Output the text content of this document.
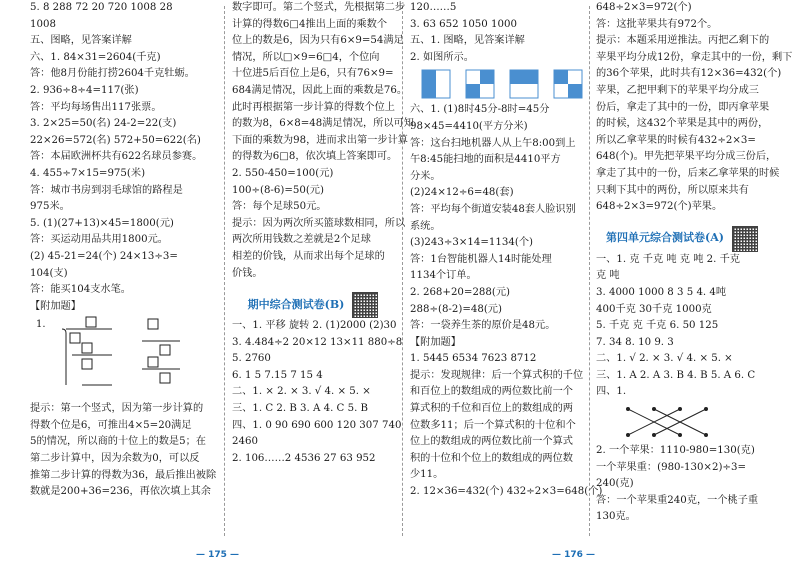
5. 8 288 72 20 720 1008 28
1008
五、图略，见答案详解
六、1. 84×31=2604(千克)
答：他8月份能打捞2604千克牡蛎。
2. 936÷8÷4=117(张)
答：平均每场售出117张票。
3. 2×25=50(名) 24-2=22(支)
22×26=572(名) 572+50=622(名)
答：本届欧洲杯共有622名球员参赛。
4. 455÷7×15=975(米)
答：城市书房到羽毛球馆的路程是
975米。
5. (1)(27+13)×45=1800(元)
答：买运动用品共用1800元。
(2) 45-21=24(个) 24×13÷3=
104(支)
答：能买104支水笔。
【附加题】
1.
提示：第一个竖式，因为第一步计算的
得数个位是6，可推出4×5=20满足
5的情况，所以商的十位上的数是5；在
第二步计算中，因为余数为0，可以反
推第二步计算的得数为36，最后推出被除
数就是200+36=236，再依次填上其余
数字即可。第二个竖式，先根据第二步
计算的得数6□4推出上面的乘数个
位上的数是6，因为只有6×9=54满足
情况，所以□×9=6□4，个位向
十位进5后百位上是6，只有76×9=
684满足情况，因此上面的乘数是76。
此时再根据第一步计算的得数个位上
的数为8，6×8=48满足情况，所以可知
下面的乘数为98，进而求出第一步计算
的得数为6□8，依次填上答案即可。
2. 550-450=100(元)
100÷(8-6)=50(元)
答：每个足球50元。
提示：因为两次所买篮球数相同，所以
两次所用钱数之差就是2个足球
相差的价钱，从而求出每个足球的
价钱。
期中综合测试卷(B)
一、1. 平移 旋转 2. (1)2000 (2)30
3. 4.484÷2 20×12 13×11 880÷8
5. 2760
6. 1 5 7.15 7 15 4
二、1. × 2. × 3. √ 4. × 5. ×
三、1. C 2. B 3. A 4. C 5. B
四、1. 0 90 690 600 120 307 740
2460
2. 106……2 4536 27 63 952
120……5
3. 63 652 1050 1000
五、1. 图略，见答案详解
2. 如图所示。
六、1. (1)8时45分-8时=45分
98×45=4410(平方分米)
答：这台扫地机器人从上午8:00到上
午8:45能扫地的面积是4410平方
分米。
(2)24×12÷6=48(套)
答：平均每个街道安装48套人脸识别
系统。
(3)243÷3×14=1134(个)
答：1台智能机器人14时能处理
1134个订单。
2. 268+20=288(元)
288÷(8-2)=48(元)
答：一袋养生茶的原价是48元。
【附加题】
1. 5445 6534 7623 8712
提示：发现规律：后一个算式积的千位
和百位上的数组成的两位数比前一个
算式积的千位和百位上的数组成的两
位数多11；后一个算式积的十位和个
位上的数组成的两位数比前一个算式
积的十位和个位上的数组成的两位数
少11。
2. 12×36=432(个) 432÷2×3=648(个)
648÷2×3=972(个)
答：这批苹果共有972个。
提示：本题采用逆推法。丙把乙剩下的
苹果平均分成12份，拿走其中的一份，剩下
的36个苹果，此时共有12×36=432(个)
苹果，乙把甲剩下的苹果平均分成三
份后，拿走了其中的一份，即丙拿苹果
的时候，这432个苹果是其中的两份，
所以乙拿苹果的时候有432÷2×3=
648(个)。甲先把苹果平均分成三份后，
拿走了其中的一份，后来乙拿苹果的时候
只剩下其中的两份，所以原来共有
648÷2×3=972(个)苹果。
第四单元综合测试卷(A)
一、1. 克 千克 吨 克 吨 2. 千克
克 吨
3. 4000 1000 8 3 5 4. 4吨
400千克 30千克 1000克
5. 千克 克 千克 6. 50 125
7. 34 8. 10 9. 3
二、1. √ 2. × 3. √ 4. × 5. ×
三、1. A 2. A 3. B 4. B 5. A 6. C
四、1.
2. 一个苹果：1110-980=130(克)
一个苹果重：(980-130×2)÷3=
240(克)
答：一个苹果重240克，一个桃子重
130克。
— 175 —	— 176 —
